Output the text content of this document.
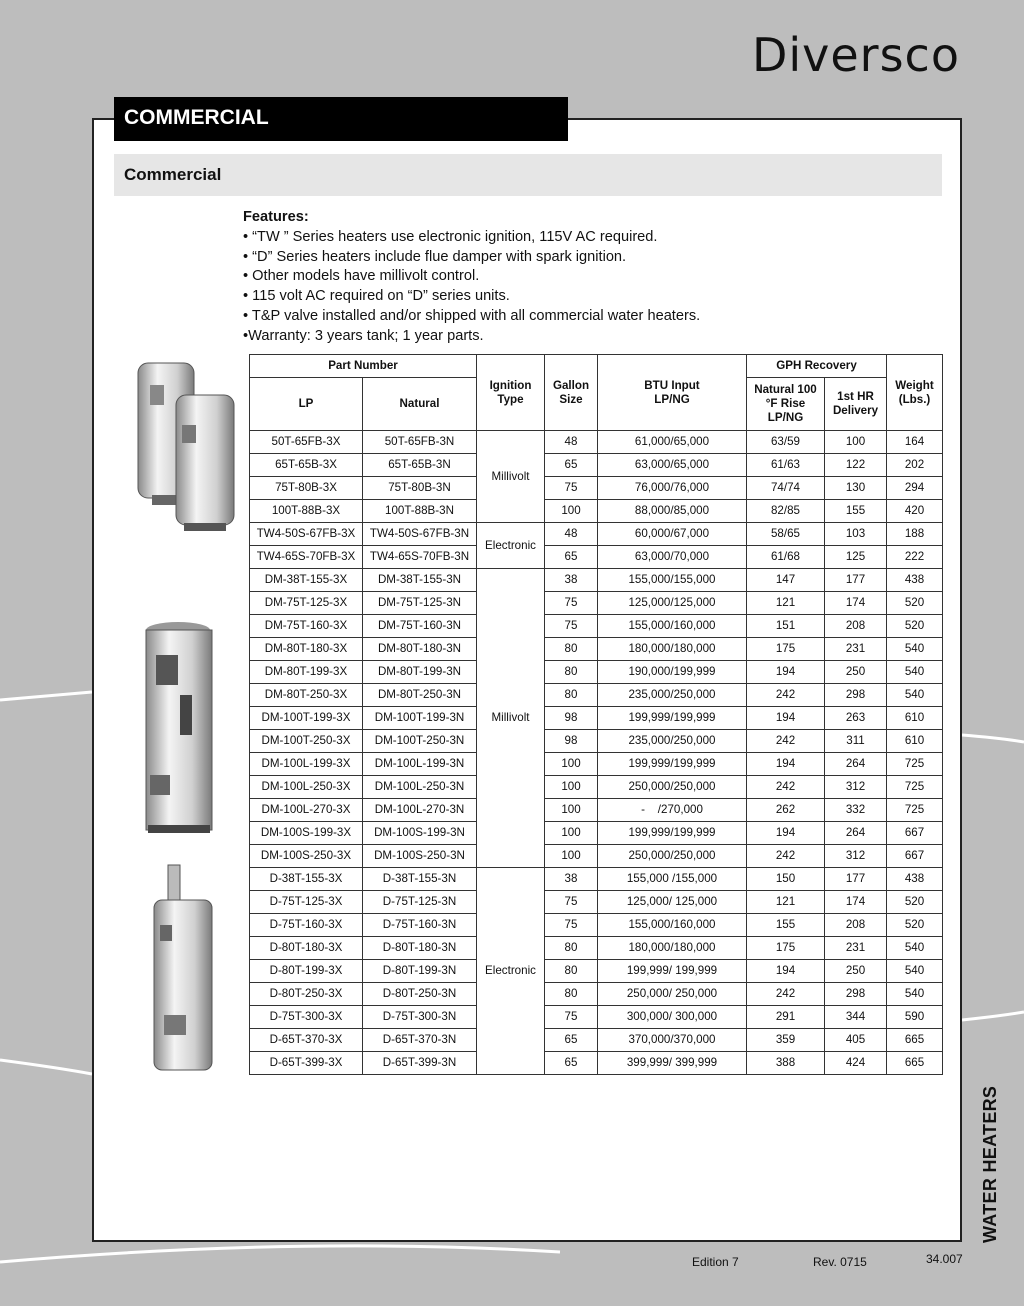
Diversco
COMMERCIAL
Commercial
Features:
• “TW ” Series heaters use electronic ignition, 115V AC required.
• “D” Series heaters include flue damper with spark ignition.
• Other models have millivolt control.
• 115 volt AC required on “D” series units.
• T&P valve installed and/or shipped with all commercial water heaters.
•Warranty: 3 years tank; 1 year parts.
Part Number		Ignition Type	Gallon Size	BTU Input LP/NG	GPH Recovery		Weight (Lbs.)
LP	Natural				Natural 100 °F Rise LP/NG	1st HR Delivery	
50T-65FB-3X	50T-65FB-3N	Millivolt	48	61,000/65,000	63/59	100	164
65T-65B-3X	65T-65B-3N		65	63,000/65,000	61/63	122	202
75T-80B-3X	75T-80B-3N		75	76,000/76,000	74/74	130	294
100T-88B-3X	100T-88B-3N		100	88,000/85,000	82/85	155	420
TW4-50S-67FB-3X	TW4-50S-67FB-3N	Electronic	48	60,000/67,000	58/65	103	188
TW4-65S-70FB-3X	TW4-65S-70FB-3N		65	63,000/70,000	61/68	125	222
DM-38T-155-3X	DM-38T-155-3N	Millivolt	38	155,000/155,000	147	177	438
DM-75T-125-3X	DM-75T-125-3N		75	125,000/125,000	121	174	520
DM-75T-160-3X	DM-75T-160-3N		75	155,000/160,000	151	208	520
DM-80T-180-3X	DM-80T-180-3N		80	180,000/180,000	175	231	540
DM-80T-199-3X	DM-80T-199-3N		80	190,000/199,999	194	250	540
DM-80T-250-3X	DM-80T-250-3N		80	235,000/250,000	242	298	540
DM-100T-199-3X	DM-100T-199-3N		98	199,999/199,999	194	263	610
DM-100T-250-3X	DM-100T-250-3N		98	235,000/250,000	242	311	610
DM-100L-199-3X	DM-100L-199-3N		100	199,999/199,999	194	264	725
DM-100L-250-3X	DM-100L-250-3N		100	250,000/250,000	242	312	725
DM-100L-270-3X	DM-100L-270-3N		100	-    /270,000	262	332	725
DM-100S-199-3X	DM-100S-199-3N		100	199,999/199,999	194	264	667
DM-100S-250-3X	DM-100S-250-3N		100	250,000/250,000	242	312	667
D-38T-155-3X	D-38T-155-3N	Electronic	38	155,000 /155,000	150	177	438
D-75T-125-3X	D-75T-125-3N		75	125,000/ 125,000	121	174	520
D-75T-160-3X	D-75T-160-3N		75	155,000/160,000	155	208	520
D-80T-180-3X	D-80T-180-3N		80	180,000/180,000	175	231	540
D-80T-199-3X	D-80T-199-3N		80	199,999/ 199,999	194	250	540
D-80T-250-3X	D-80T-250-3N		80	250,000/ 250,000	242	298	540
D-75T-300-3X	D-75T-300-3N		75	300,000/ 300,000	291	344	590
D-65T-370-3X	D-65T-370-3N		65	370,000/370,000	359	405	665
D-65T-399-3X	D-65T-399-3N		65	399,999/ 399,999	388	424	665
WATER HEATERS
Edition 7	Rev. 0715	34.007
